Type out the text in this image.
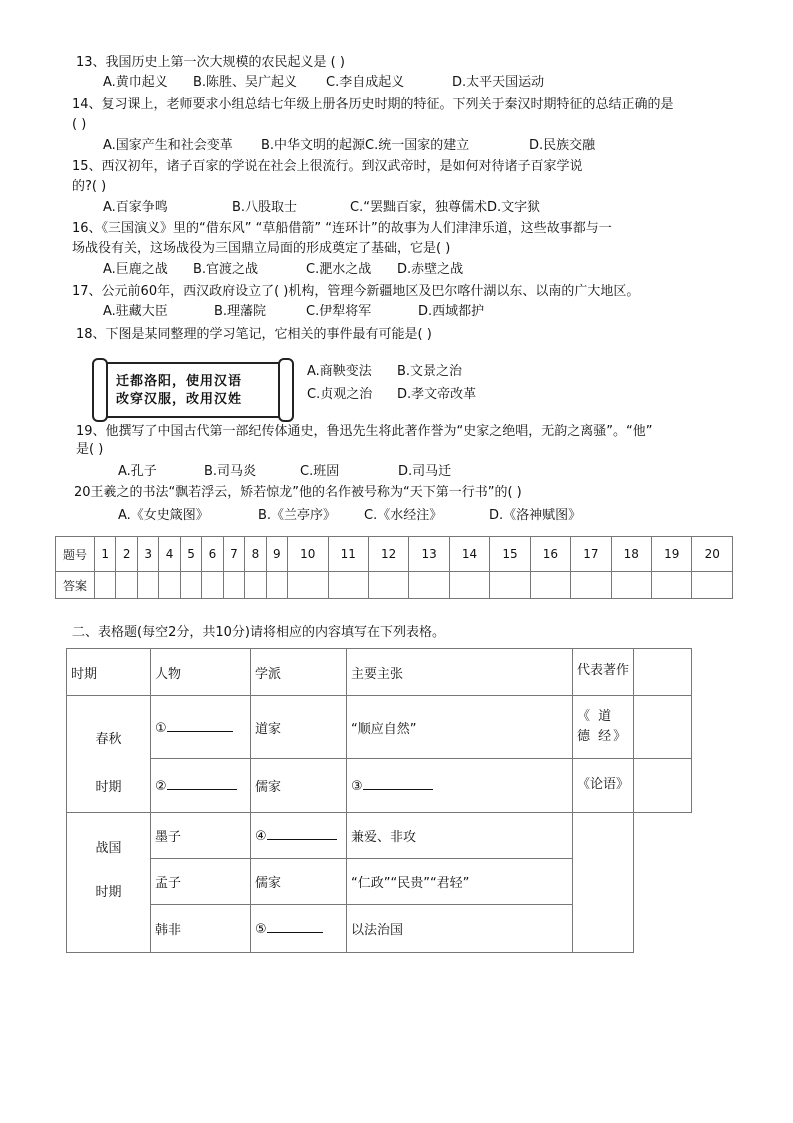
13、我国历史上第一次大规模的农民起义是 ( )
A.黄巾起义 B.陈胜、吴广起义 C.李自成起义	D.太平天国运动
14、复习课上，老师要求小组总结七年级上册各历史时期的特征。下列关于秦汉时期特征的总结正确的是
( )
A.国家产生和社会变革 B.中华文明的起源C.统一国家的建立	D.民族交融
15、西汉初年，诸子百家的学说在社会上很流行。到汉武帝时，是如何对待诸子百家学说
的?( )
A.百家争鸣	B.八股取士	C.“罢黜百家，独尊儒术D.文字狱
16、《三国演义》里的“借东风” “草船借箭” “连环计”的故事为人们津津乐道，这些故事都与一
场战役有关，这场战役为三国鼎立局面的形成奠定了基础，它是( )
A.巨鹿之战 B.官渡之战	C.淝水之战 D.赤壁之战
17、公元前60年，西汉政府设立了( )机构，管理今新疆地区及巴尔喀什湖以东、以南的广大地区。
A.驻藏大臣	B.理藩院	C.伊犁将军	D.西域都护
18、下图是某同整理的学习笔记，它相关的事件最有可能是( )
迁都洛阳，使用汉语
改穿汉服，改用汉姓
A.商鞅变法 B.文景之治
C.贞观之治 D.孝文帝改革
19、他撰写了中国古代第一部纪传体通史，鲁迅先生将此著作誉为“史家之绝唱，无韵之离骚”。“他”
是( )
A.孔子	B.司马炎	C.班固	D.司马迁
20王羲之的书法“飘若浮云，矫若惊龙”他的名作被号称为“天下第一行书”的( )
A.《女史箴图》	B.《兰亭序》 C.《水经注》	D.《洛神赋图》
题号	1	2	3	4	5	6	7	8	9	10	11	12	13	14	15	16	17	18	19	20
答案																				
二、表格题(每空2分，共10分)请将相应的内容填写在下列表格。
时期	人物	学派	主要主张	代表著作	

春秋
时期	①	道家	“顺应自然”	《 道 德 经》	
	②	儒家	③	《论语》	

战国
时期	墨子	④	兼爱、非攻		
	孟子	儒家	“仁政”“民贵”“君轻”		
	韩非	⑤	以法治国		
